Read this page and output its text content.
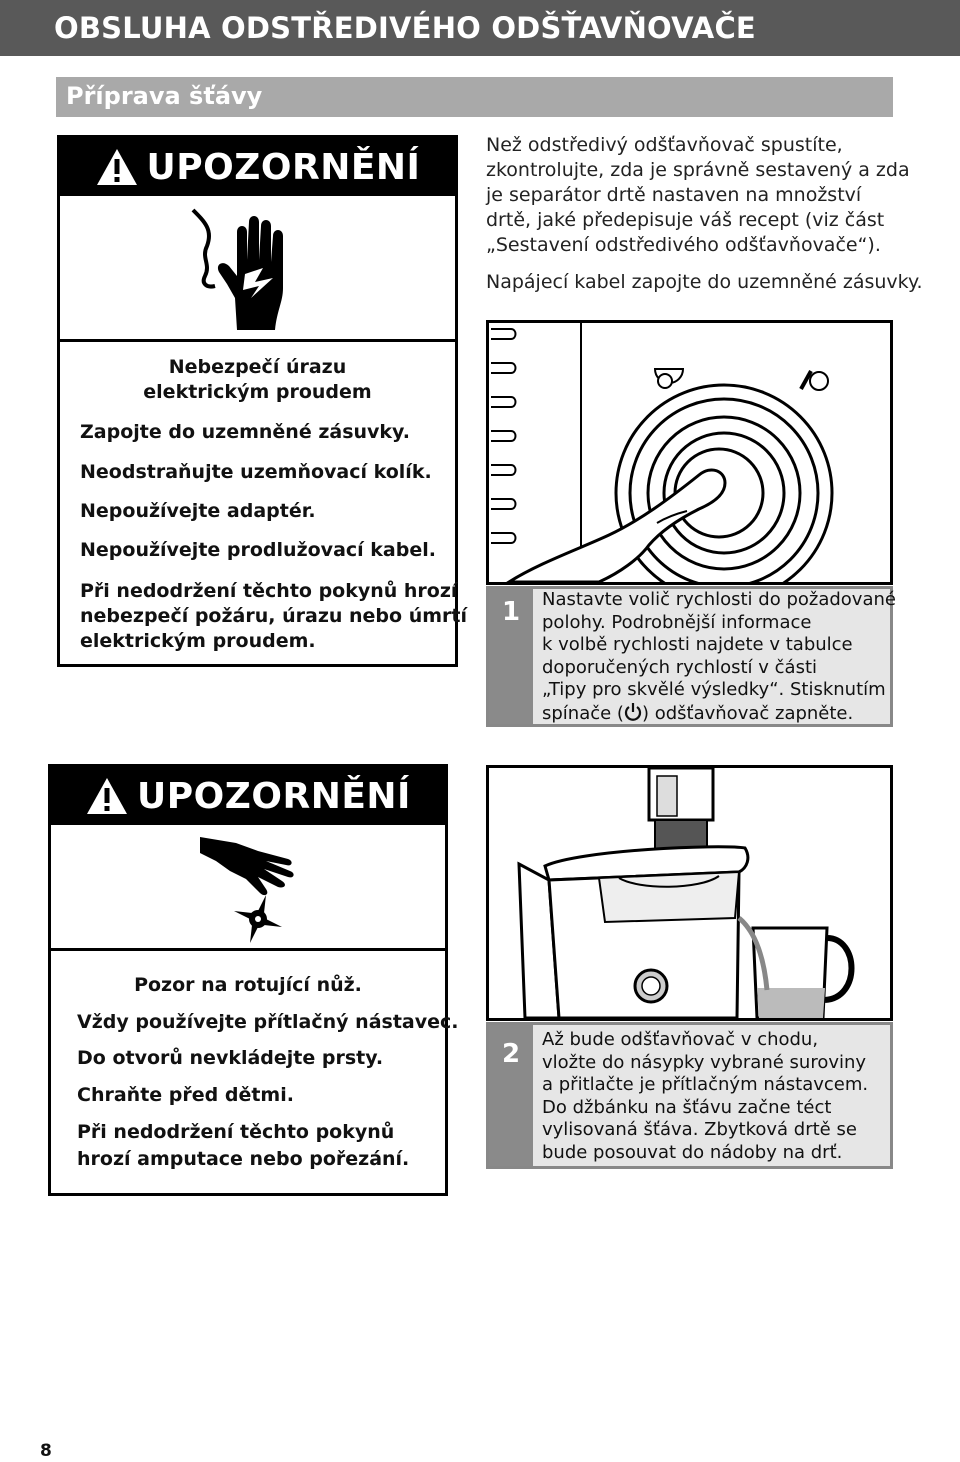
OBSLUHA ODSTŘEDIVÉHO ODŠŤAVŇOVAČE
Příprava šťávy
UPOZORNĚNÍ
Nebezpečí úrazu
elektrickým proudem
Zapojte do uzemněné zásuvky.
Neodstraňujte uzemňovací kolík.
Nepoužívejte adaptér.
Nepoužívejte prodlužovací kabel.
Při nedodržení těchto pokynů hrozí
nebezpečí požáru, úrazu nebo úmrtí
elektrickým proudem.
Než odstředivý odšťavňovač spustíte,
zkontrolujte, zda je správně sestavený a zda
je separátor drtě nastaven na množství
drtě, jaké předepisuje váš recept (viz část
„Sestavení odstředivého odšťavňovače“).
Napájecí kabel zapojte do uzemněné zásuvky.
1	Nastavte volič rychlosti do požadované
polohy. Podrobnější informace
k volbě rychlosti najdete v tabulce
doporučených rychlostí v části
„Tipy pro skvělé výsledky“. Stisknutím
spínače ( ) odšťavňovač zapněte.
UPOZORNĚNÍ
Pozor na rotující nůž.
Vždy používejte přítlačný nástavec.
Do otvorů nevkládejte prsty.
Chraňte před dětmi.
Při nedodržení těchto pokynů
hrozí amputace nebo pořezání.
2	Až bude odšťavňovač v chodu,
vložte do násypky vybrané suroviny
a přitlačte je přítlačným nástavcem.
Do džbánku na šťávu začne téct
vylisovaná šťáva. Zbytková drtě se
bude posouvat do nádoby na drť.
8
